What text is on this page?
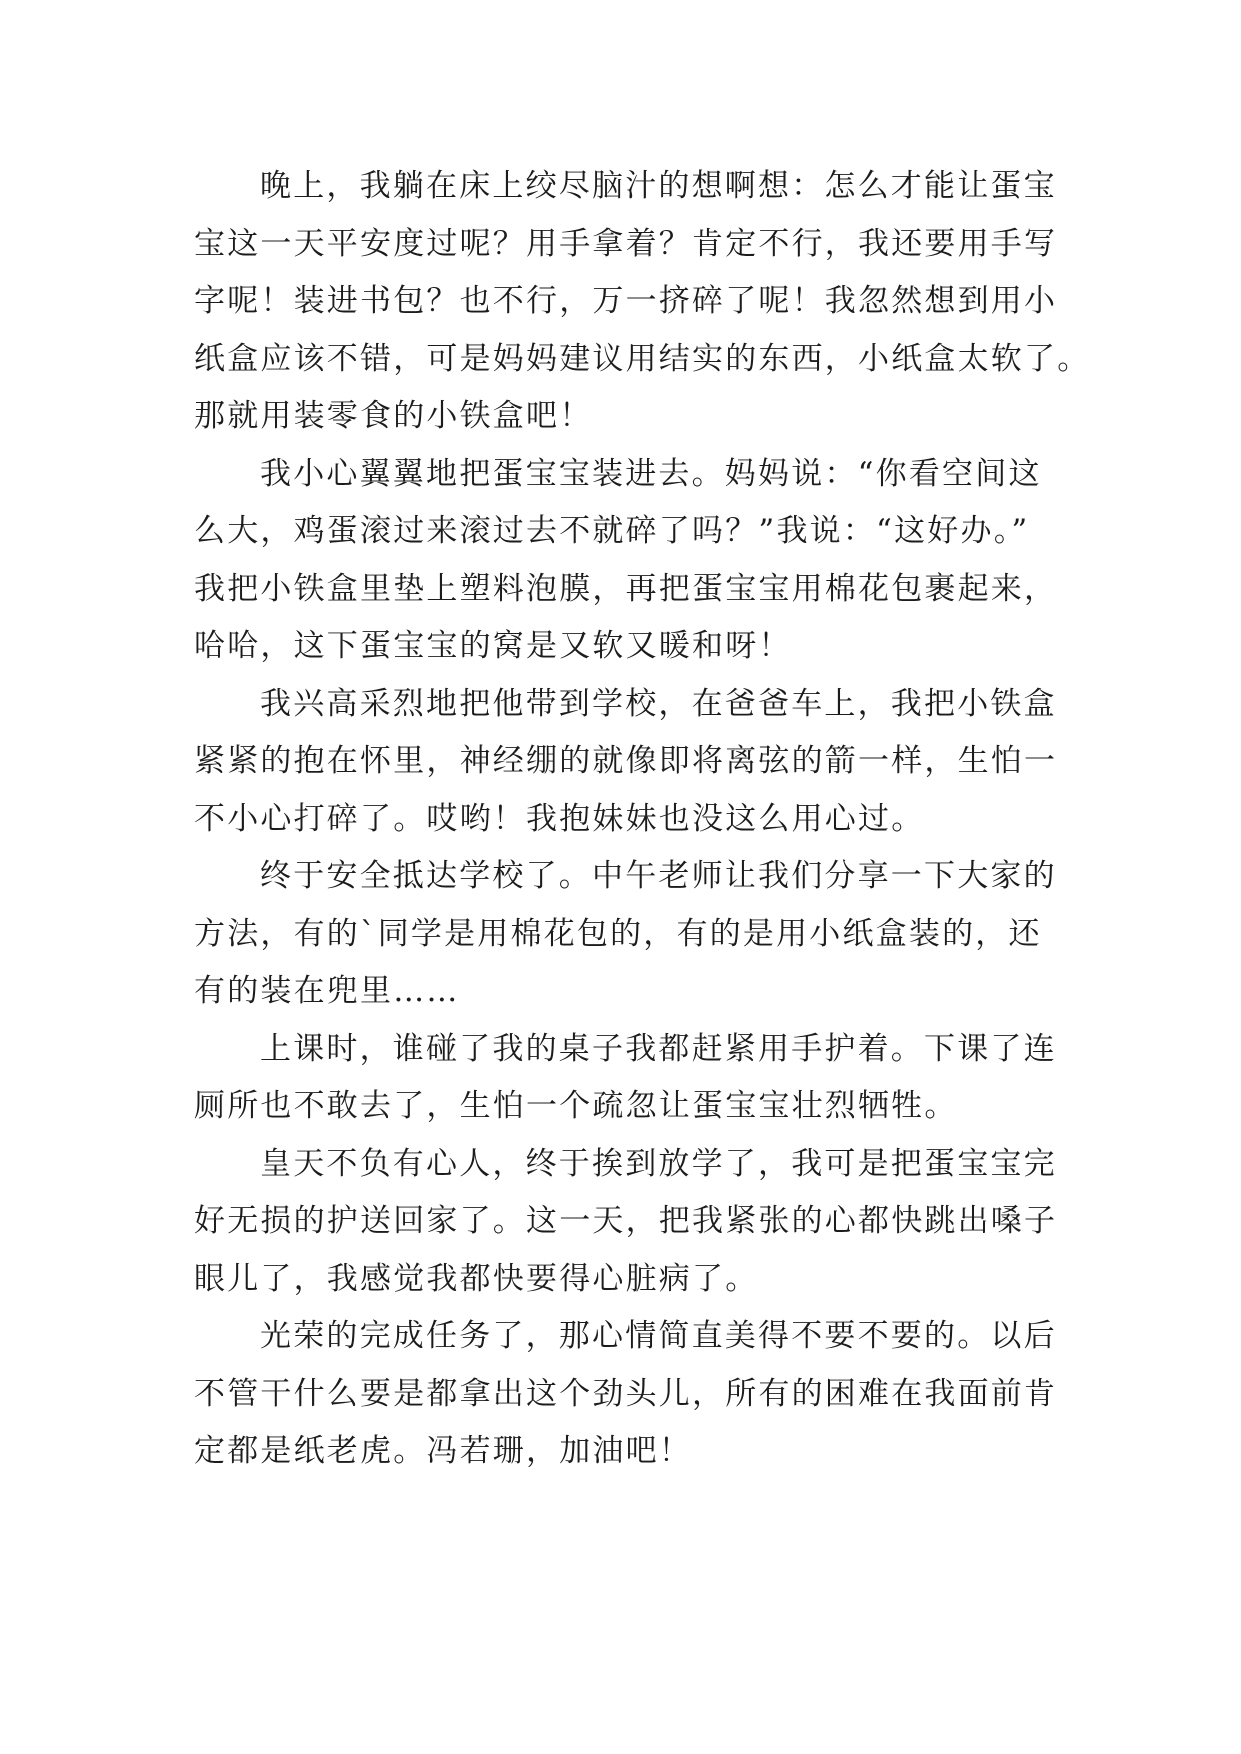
晚上，我躺在床上绞尽脑汁的想啊想：怎么才能让蛋宝
宝这一天平安度过呢？用手拿着？肯定不行，我还要用手写
字呢！装进书包？也不行，万一挤碎了呢！我忽然想到用小
纸盒应该不错，可是妈妈建议用结实的东西，小纸盒太软了。
那就用装零食的小铁盒吧！

我小心翼翼地把蛋宝宝装进去。妈妈说：“你看空间这
么大，鸡蛋滚过来滚过去不就碎了吗？”我说：“这好办。”
我把小铁盒里垫上塑料泡膜，再把蛋宝宝用棉花包裹起来，
哈哈，这下蛋宝宝的窝是又软又暖和呀！

我兴高采烈地把他带到学校，在爸爸车上，我把小铁盒
紧紧的抱在怀里，神经绷的就像即将离弦的箭一样，生怕一
不小心打碎了。哎哟！我抱妹妹也没这么用心过。

终于安全抵达学校了。中午老师让我们分享一下大家的
方法，有的`同学是用棉花包的，有的是用小纸盒装的，还
有的装在兜里……

上课时，谁碰了我的桌子我都赶紧用手护着。下课了连
厕所也不敢去了，生怕一个疏忽让蛋宝宝壮烈牺牲。

皇天不负有心人，终于挨到放学了，我可是把蛋宝宝完
好无损的护送回家了。这一天，把我紧张的心都快跳出嗓子
眼儿了，我感觉我都快要得心脏病了。

光荣的完成任务了，那心情简直美得不要不要的。以后
不管干什么要是都拿出这个劲头儿，所有的困难在我面前肯
定都是纸老虎。冯若珊，加油吧！
